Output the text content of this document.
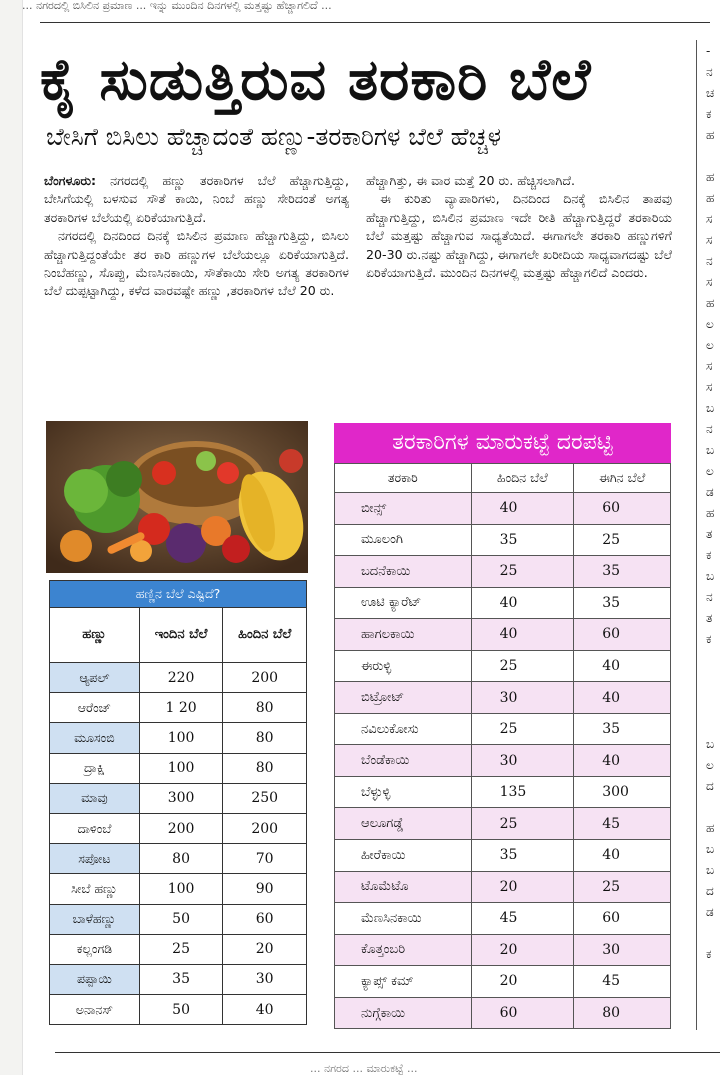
... ನಗರದಲ್ಲಿ ಬಿಸಿಲಿನ ಪ್ರಮಾಣ ... ಇನ್ನು ಮುಂದಿನ ದಿನಗಳಲ್ಲಿ ಮತ್ತಷ್ಟು ಹೆಚ್ಚಾಗಲಿದೆ ...
ಕೈ ಸುಡುತ್ತಿರುವ ತರಕಾರಿ ಬೆಲೆ
ಬೇಸಿಗೆ ಬಿಸಿಲು ಹೆಚ್ಚಾದಂತೆ ಹಣ್ಣು-ತರಕಾರಿಗಳ ಬೆಲೆ ಹೆಚ್ಚಳ

ಬೆಂಗಳೂರು: ನಗರದಲ್ಲಿ ಹಣ್ಣು ತರಕಾರಿಗಳ ಬೆಲೆ ಹೆಚ್ಚಾಗುತ್ತಿದ್ದು, ಬೇಸಿಗೆಯಲ್ಲಿ ಬಳಸುವ ಸೌತೆ ಕಾಯಿ, ನಿಂಬೆ ಹಣ್ಣು ಸೇರಿದಂತೆ ಅಗತ್ಯ ತರಕಾರಿಗಳ ಬೆಲೆಯಲ್ಲಿ ಏರಿಕೆಯಾಗುತ್ತಿದೆ.

ನಗರದಲ್ಲಿ ದಿನದಿಂದ ದಿನಕ್ಕೆ ಬಿಸಿಲಿನ ಪ್ರಮಾಣ ಹೆಚ್ಚಾಗುತ್ತಿದ್ದು, ಬಿಸಿಲು ಹೆಚ್ಚಾಗುತ್ತಿದ್ದಂತೆಯೇ ತರ ಕಾರಿ ಹಣ್ಣುಗಳ ಬೆಲೆಯಲ್ಲೂ ಏರಿಕೆಯಾಗುತ್ತಿದೆ. ನಿಂಬೆಹಣ್ಣು, ಸೊಪ್ಪು, ಮೆಣಸಿನಕಾಯಿ, ಸೌತೆಕಾಯಿ ಸೇರಿ ಅಗತ್ಯ ತರಕಾರಿಗಳ ಬೆಲೆ ದುಪ್ಪಟ್ಟಾಗಿದ್ದು, ಕಳೆದ ವಾರವಷ್ಟೇ ಹಣ್ಣು ,ತರಕಾರಿಗಳ ಬೆಲೆ 20 ರು.

ಹೆಚ್ಚಾಗಿತ್ತು, ಈ ವಾರ ಮತ್ತೆ 20 ರು. ಹೆಚ್ಚಿಸಲಾಗಿದೆ.

ಈ ಕುರಿತು ವ್ಯಾಪಾರಿಗಳು, ದಿನದಿಂದ ದಿನಕ್ಕೆ ಬಿಸಿಲಿನ ತಾಪವು ಹೆಚ್ಚಾಗುತ್ತಿದ್ದು, ಬಿಸಿಲಿನ ಪ್ರಮಾಣ ಇದೇ ರೀತಿ ಹೆಚ್ಚಾಗುತ್ತಿದ್ದರೆ ತರಕಾರಿಯ ಬೆಲೆ ಮತ್ತಷ್ಟು ಹೆಚ್ಚಾಗುವ ಸಾಧ್ಯತೆಯಿದೆ. ಈಗಾಗಲೇ ತರಕಾರಿ ಹಣ್ಣುಗಳಿಗೆ 20-30 ರು.ನಷ್ಟು ಹೆಚ್ಚಾಗಿದ್ದು, ಈಗಾಗಲೇ ಖರೀದಿಯ ಸಾಧ್ಯವಾಗದಷ್ಟು ಬೆಲೆ ಏರಿಕೆಯಾಗುತ್ತಿದೆ. ಮುಂದಿನ ದಿನಗಳಲ್ಲಿ ಮತ್ತಷ್ಟು ಹೆಚ್ಚಾಗಲಿದೆ ಎಂದರು.

-
ನ
ಚ
ಕ
ಹ
ಹ
ಹ
ಸ
ಸ
ನ
ಸ
ಹ
ಲ
ಲ
ಸ
ಸ
ಬ
ನ
ಬ
ಲ
ಡ
ಹ
ತ
ಕ
ಬ
ನ
ತ
ಕ
ಬ
ಲ
ದ
ಹ
ಬ
ಬ
ದ
ಡ
ಕ
ಹಣ್ಣಿನ ಬೆಲೆ ಎಷ್ಟಿದೆ?
ಹಣ್ಣು	ಇಂದಿನ ಬೆಲೆ	ಹಿಂದಿನ ಬೆಲೆ
ಆ್ಯಪಲ್	220	200
ಆರೆಂಜ್	1 20	80
ಮೂಸಂಬಿ	100	80
ದ್ರಾಕ್ಷಿ	100	80
ಮಾವು	300	250
ದಾಳಿಂಬೆ	200	200
ಸಪೋಟ	80	70
ಸೀಬೆ ಹಣ್ಣು	100	90
ಬಾಳೆಹಣ್ಣು	50	60
ಕಲ್ಲಂಗಡಿ	25	20
ಪಪ್ಪಾಯಿ	35	30
ಅನಾನಸ್	50	40
ತರಕಾರಿಗಳ ಮಾರುಕಟ್ಟೆ ದರಪಟ್ಟಿ
ತರಕಾರಿ	ಹಿಂದಿನ ಬೆಲೆ	ಈಗಿನ ಬೆಲೆ
ಬೀನ್ಸ್	40	60
ಮೂಲಂಗಿ	35	25
ಬದನೆಕಾಯಿ	25	35
ಊಟಿ ಕ್ಯಾರೆಟ್	40	35
ಹಾಗಲಕಾಯಿ	40	60
ಈರುಳ್ಳಿ	25	40
ಬಿಟ್ರೋಟ್	30	40
ನವಿಲುಕೋಸು	25	35
ಬೆಂಡೆಕಾಯಿ	30	40
ಬೆಳ್ಳುಳ್ಳಿ	135	300
ಆಲೂಗಡ್ಡೆ	25	45
ಹೀರೆಕಾಯಿ	35	40
ಟೊಮೆಟೊ	20	25
ಮೆಣಸಿನಕಾಯಿ	45	60
ಕೊತ್ತಂಬರಿ	20	30
ಕ್ಯಾಪ್ಸ್ ಕಮ್	20	45
ನುಗ್ಗೆಕಾಯಿ	60	80
... ನಗರದ ... ಮಾರುಕಟ್ಟೆ ...
